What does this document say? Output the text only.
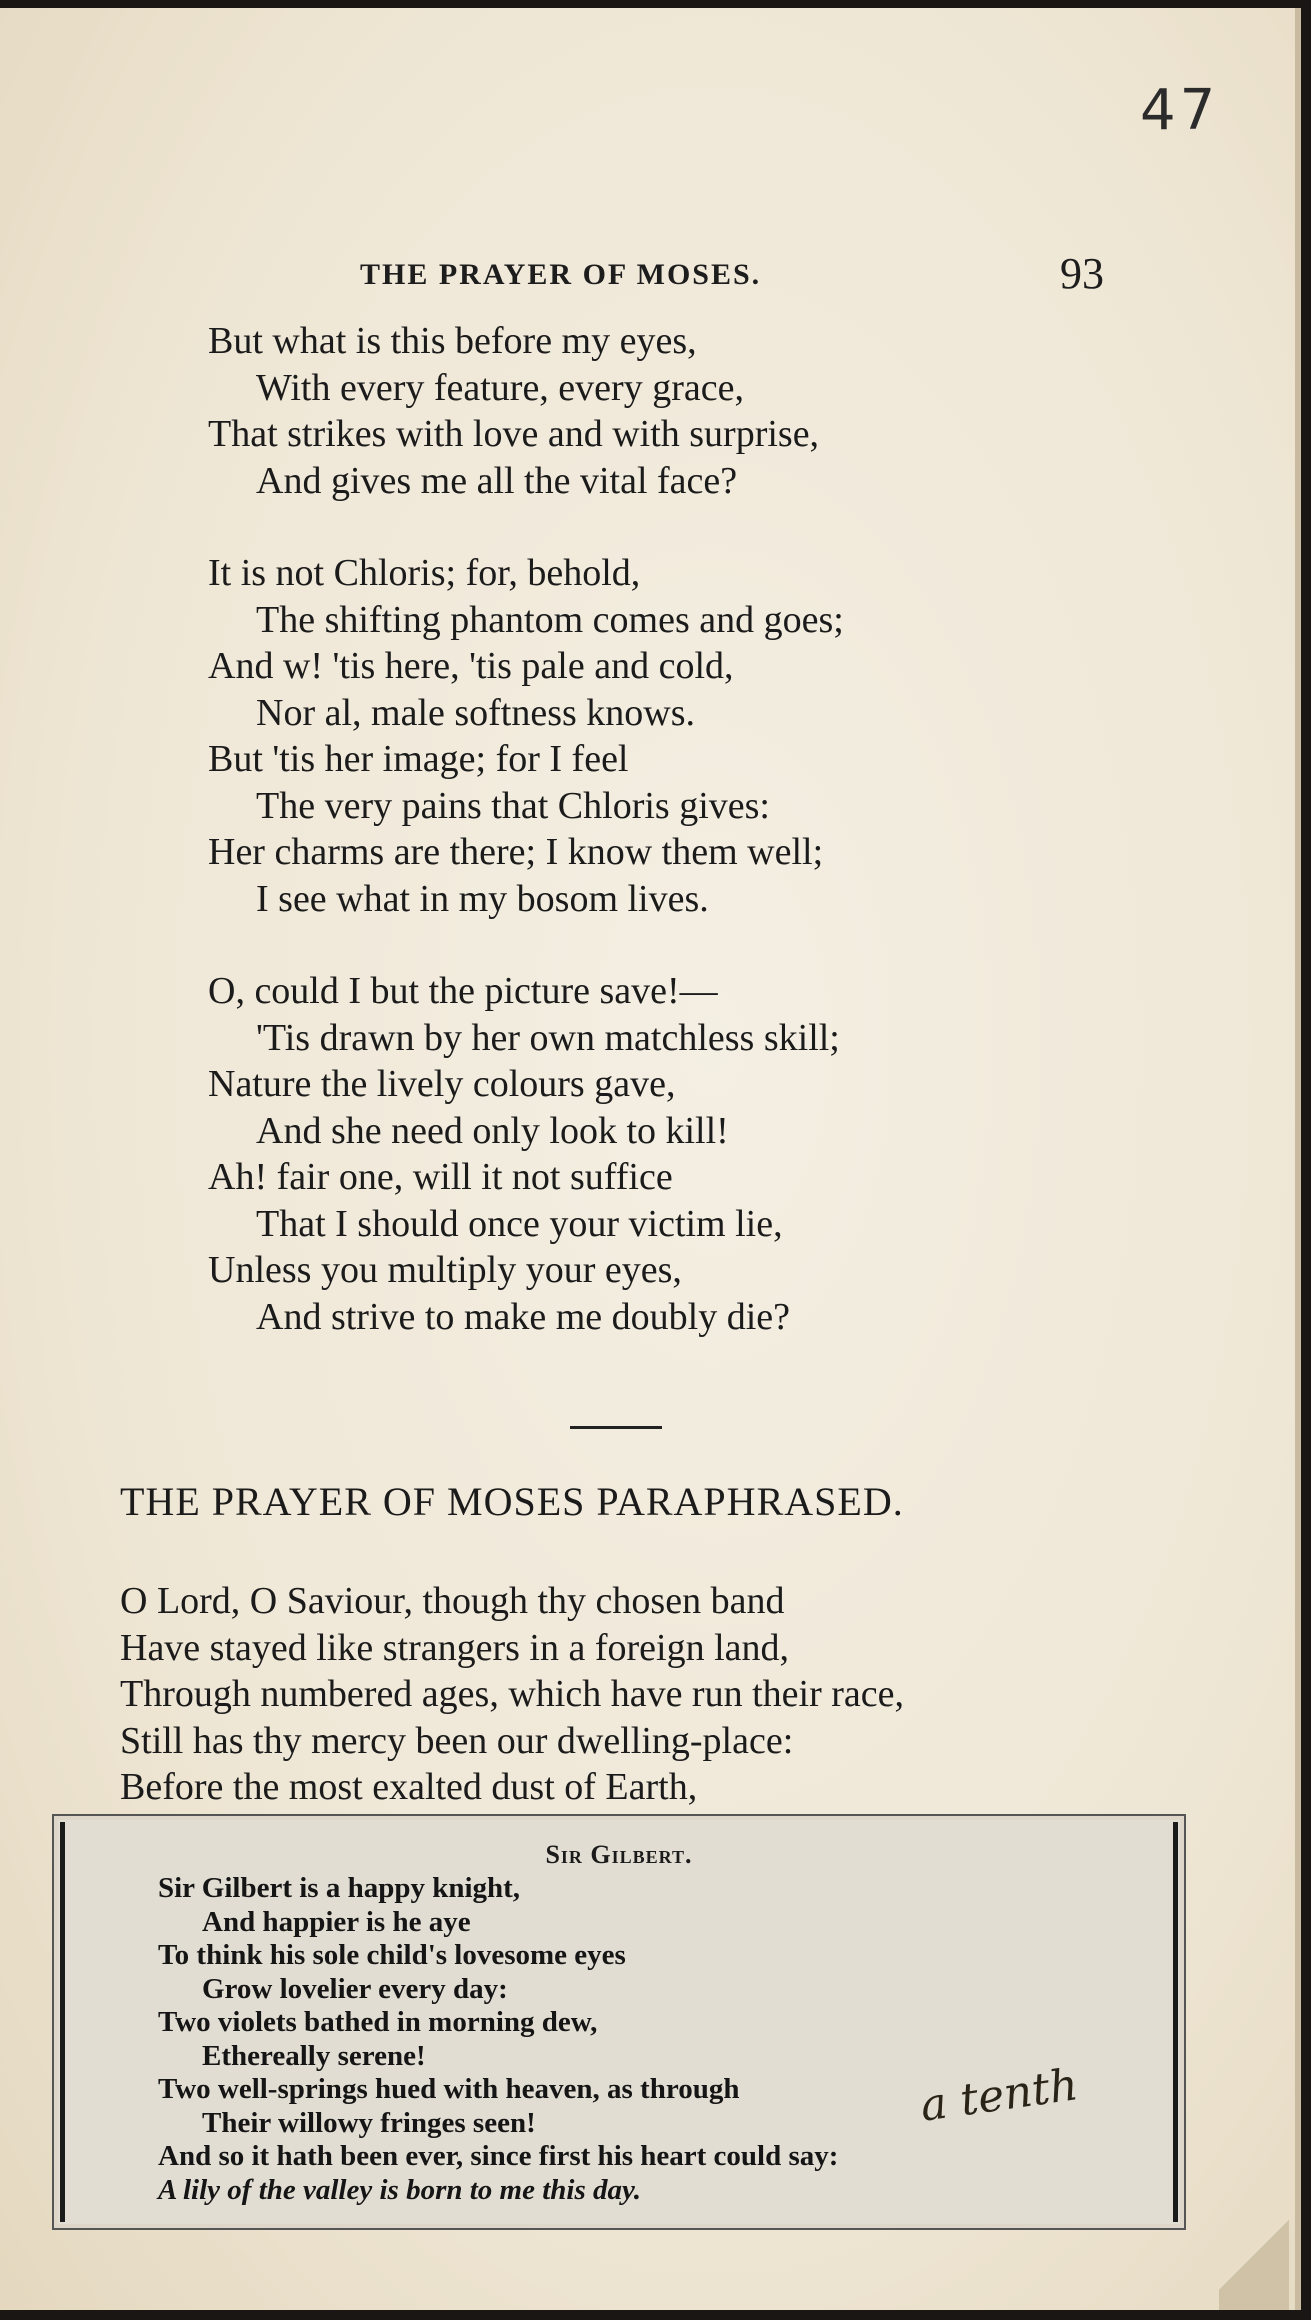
47
THE PRAYER OF MOSES.	93
But what is this before my eyes,
With every feature, every grace,
That strikes with love and with surprise,
And gives me all the vital face?
It is not Chloris; for, behold,
The shifting phantom comes and goes;
And w! 'tis here, 'tis pale and cold,
Nor al, male softness knows.
But 'tis her image; for I feel
The very pains that Chloris gives:
Her charms are there; I know them well;
I see what in my bosom lives.
O, could I but the picture save!—
'Tis drawn by her own matchless skill;
Nature the lively colours gave,
And she need only look to kill!
Ah! fair one, will it not suffice
That I should once your victim lie,
Unless you multiply your eyes,
And strive to make me doubly die?
THE PRAYER OF MOSES PARAPHRASED.
O Lord, O Saviour, though thy chosen band
Have stayed like strangers in a foreign land,
Through numbered ages, which have run their race,
Still has thy mercy been our dwelling-place:
Before the most exalted dust of Earth,
Sir Gilbert.
Sir Gilbert is a happy knight,
And happier is he aye
To think his sole child's lovesome eyes
Grow lovelier every day:
Two violets bathed in morning dew,
Ethereally serene!
Two well-springs hued with heaven, as through
Their willowy fringes seen!
And so it hath been ever, since first his heart could say:
A lily of the valley is born to me this day.
a tenth
